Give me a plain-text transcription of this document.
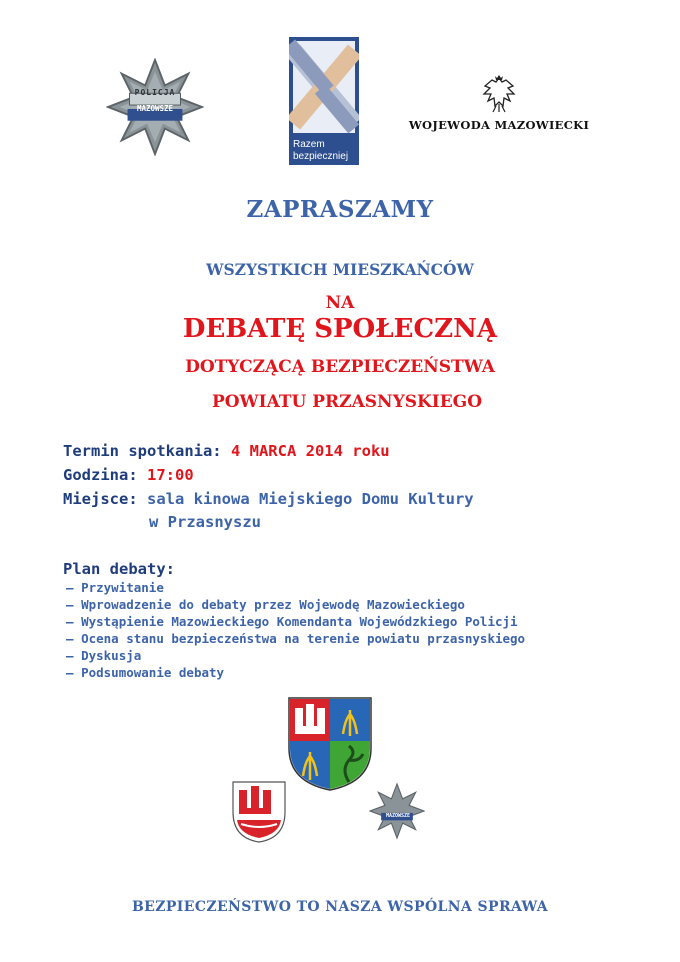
POLICJA
MAZOWSZE
Razem
bezpieczniej
WOJEWODA MAZOWIECKI
ZAPRASZAMY
WSZYSTKICH MIESZKAŃCÓW
NA
DEBATĘ SPOŁECZNĄ
DOTYCZĄCĄ BEZPIECZEŃSTWA
POWIATU PRZASNYSKIEGO
Termin spotkania: 4 MARCA 2014 roku
Godzina: 17:00
Miejsce: sala kinowa Miejskiego Domu Kultury
w Przasnyszu
Plan debaty:
– Przywitanie
– Wprowadzenie do debaty przez Wojewodę Mazowieckiego
– Wystąpienie Mazowieckiego Komendanta Wojewódzkiego Policji
– Ocena stanu bezpieczeństwa na terenie powiatu przasnyskiego
– Dyskusja
– Podsumowanie debaty
MAZOWSZE
BEZPIECZEŃSTWO TO NASZA WSPÓLNA SPRAWA
